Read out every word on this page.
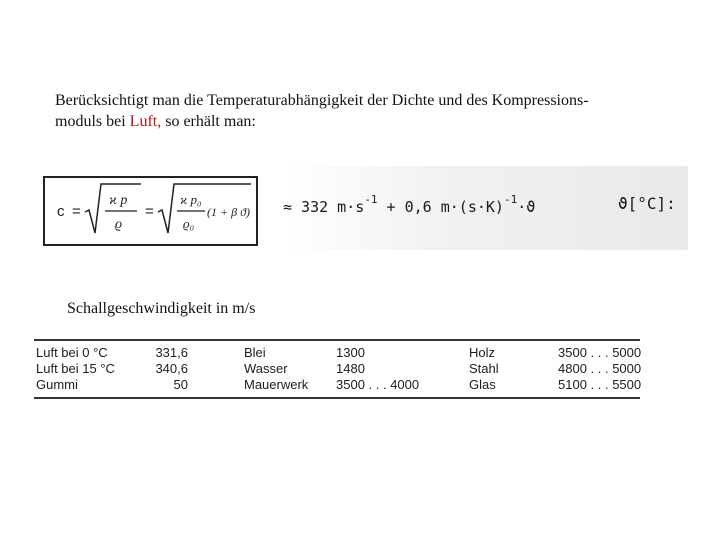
Berücksichtigt man die Temperaturabhängigkeit der Dichte und des Kompressions-
moduls bei Luft, so erhält man:
c =
ϰ p
ϱ
=
ϰ p₀
ϱ₀
(1 + β ϑ) ≈ 332 $m\cdot s^{-1} + 0,6$ $m\cdot(s\cdot K)^{-1}\cdot ϑ$	ϑ[°C]:
Schallgeschwindigkeit in m/s
Luft bei 0 °C	331,6	Blei	1300	Holz	3500 . . . 5000
Luft bei 15 °C	340,6	Wasser	1480	Stahl	4800 . . . 5000
Gummi	50	Mauerwerk 3500 . . . 4000	Glas	5100 . . . 5500
